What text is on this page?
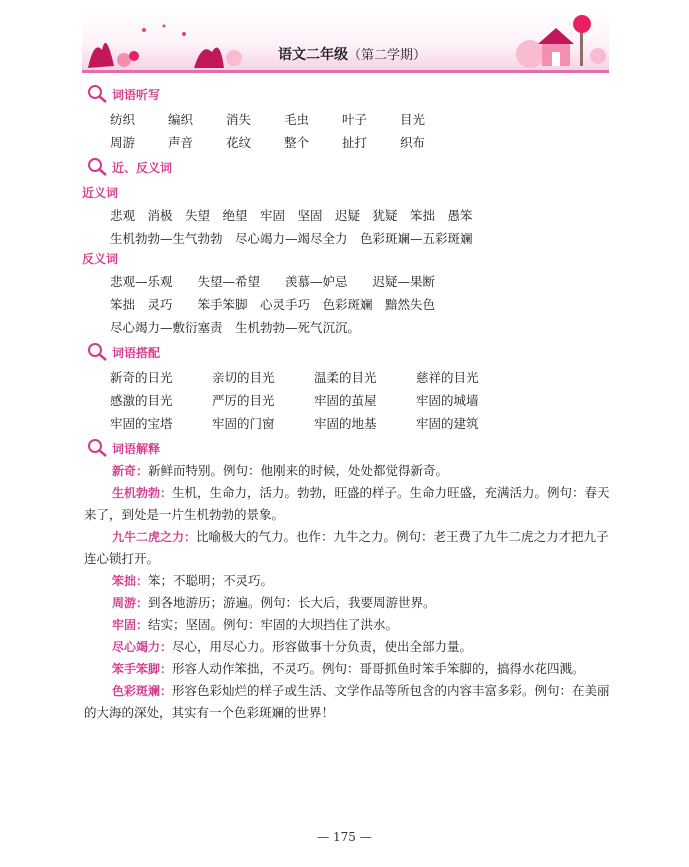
语文二年级（第二学期）
词语听写
纺织	编织	消失	毛虫	叶子	目光
周游	声音	花纹	整个	扯打	织布
近、反义词
近义词
悲观　消极　失望　绝望　牢固　坚固　迟疑　犹疑　笨拙　愚笨
生机勃勃—生气勃勃　尽心竭力—竭尽全力　色彩斑斓—五彩斑斓
反义词
悲观—乐观　　失望—希望　　羡慕—妒忌　　迟疑—果断
笨拙　灵巧　　笨手笨脚　心灵手巧　色彩斑斓　黯然失色
尽心竭力—敷衍塞责　生机勃勃—死气沉沉。
词语搭配
新奇的日光	亲切的目光	温柔的目光	慈祥的目光
感激的目光	严厉的目光	牢固的茧屋	牢固的城墙
牢固的宝塔	牢固的门窗	牢固的地基	牢固的建筑
词语解释

新奇：新鲜而特别。例句：他刚来的时候，处处都觉得新奇。

生机勃勃：生机，生命力，活力。勃勃，旺盛的样子。生命力旺盛，充满活力。例句：春天来了，到处是一片生机勃勃的景象。

九牛二虎之力：比喻极大的气力。也作：九牛之力。例句：老王费了九牛二虎之力才把九子连心锁打开。

笨拙：笨；不聪明；不灵巧。

周游：到各地游历；游遍。例句：长大后，我要周游世界。

牢固：结实；坚固。例句：牢固的大坝挡住了洪水。

尽心竭力：尽心，用尽心力。形容做事十分负责，使出全部力量。

笨手笨脚：形容人动作笨拙，不灵巧。例句：哥哥抓鱼时笨手笨脚的，搞得水花四溅。

色彩斑斓：形容色彩灿烂的样子或生活、文学作品等所包含的内容丰富多彩。例句：在美丽的大海的深处，其实有一个色彩斑斓的世界！

— 175 —
